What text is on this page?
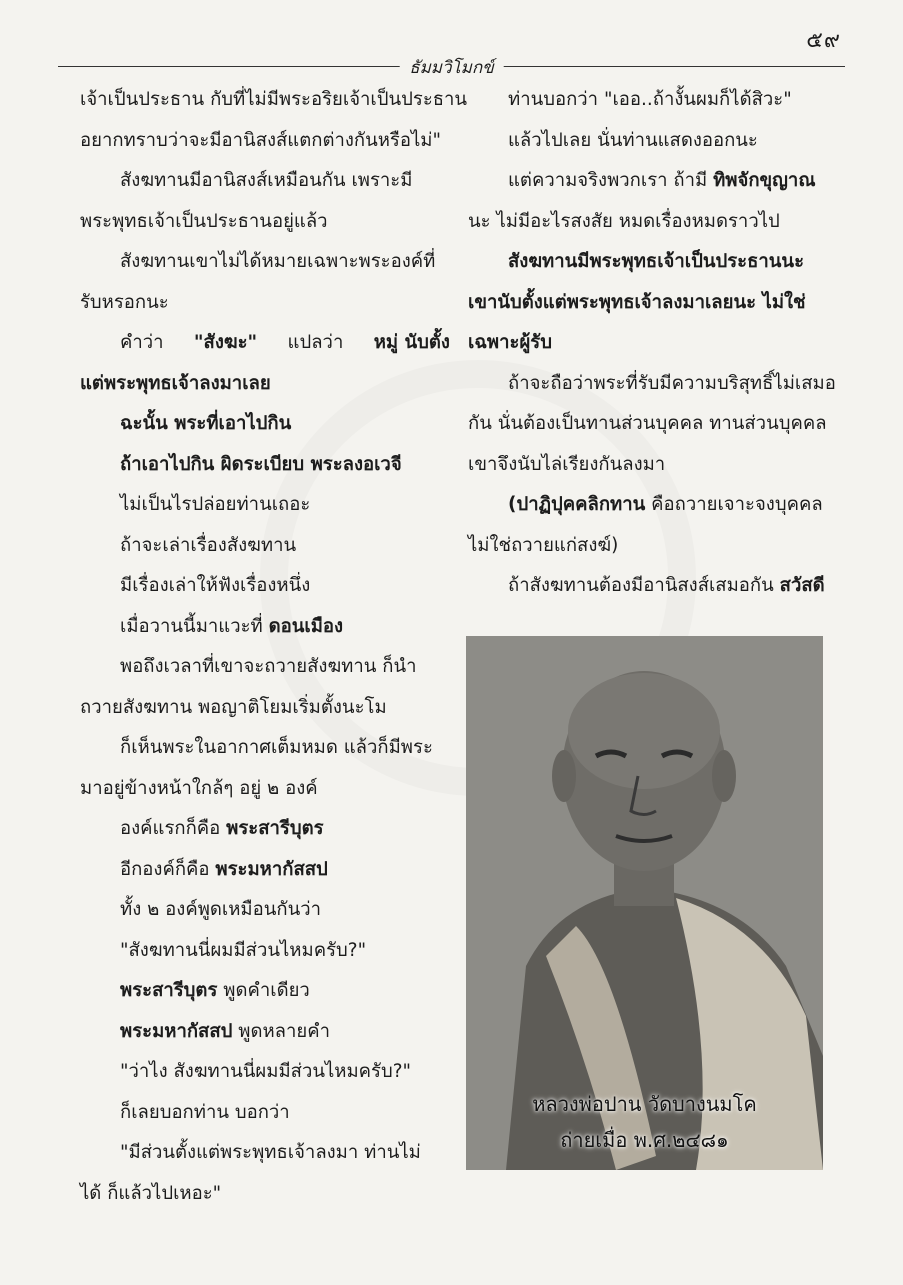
๕๙
ธัมมวิโมกข์
เจ้าเป็นประธาน กับที่ไม่มีพระอริยเจ้าเป็นประธาน
อยากทราบว่าจะมีอานิสงส์แตกต่างกันหรือไม่"
สังฆทานมีอานิสงส์เหมือนกัน เพราะมี
พระพุทธเจ้าเป็นประธานอยู่แล้ว
สังฆทานเขาไม่ได้หมายเฉพาะพระองค์ที่
รับหรอกนะ
คำว่า "สังฆะ" แปลว่า หมู่ นับตั้ง
แต่พระพุทธเจ้าลงมาเลย
ฉะนั้น พระที่เอาไปกิน
ถ้าเอาไปกิน ผิดระเบียบ พระลงอเวจี
ไม่เป็นไรปล่อยท่านเถอะ
ถ้าจะเล่าเรื่องสังฆทาน
มีเรื่องเล่าให้ฟังเรื่องหนึ่ง
เมื่อวานนี้มาแวะที่ ดอนเมือง
พอถึงเวลาที่เขาจะถวายสังฆทาน ก็นำ
ถวายสังฆทาน พอญาติโยมเริ่มตั้งนะโม
ก็เห็นพระในอากาศเต็มหมด แล้วก็มีพระ
มาอยู่ข้างหน้าใกล้ๆ อยู่ ๒ องค์
องค์แรกก็คือ พระสารีบุตร
อีกองค์ก็คือ พระมหากัสสป
ทั้ง ๒ องค์พูดเหมือนกันว่า
"สังฆทานนี่ผมมีส่วนไหมครับ?"
พระสารีบุตร พูดคำเดียว
พระมหากัสสป พูดหลายคำ
"ว่าไง สังฆทานนี่ผมมีส่วนไหมครับ?"
ก็เลยบอกท่าน บอกว่า
"มีส่วนตั้งแต่พระพุทธเจ้าลงมา ท่านไม่
ได้ ก็แล้วไปเหอะ"
ท่านบอกว่า "เออ..ถ้างั้นผมก็ได้สิวะ"
แล้วไปเลย นั่นท่านแสดงออกนะ
แต่ความจริงพวกเรา ถ้ามี ทิพจักขุญาณ
นะ ไม่มีอะไรสงสัย หมดเรื่องหมดราวไป
สังฆทานมีพระพุทธเจ้าเป็นประธานนะ
เขานับตั้งแต่พระพุทธเจ้าลงมาเลยนะ ไม่ใช่
เฉพาะผู้รับ
ถ้าจะถือว่าพระที่รับมีความบริสุทธิ์ไม่เสมอ
กัน นั่นต้องเป็นทานส่วนบุคคล ทานส่วนบุคคล
เขาจึงนับไล่เรียงกันลงมา
(ปาฏิปุคคลิกทาน คือถวายเจาะจงบุคคล
ไม่ใช่ถวายแก่สงฆ์)
ถ้าสังฆทานต้องมีอานิสงส์เสมอกัน สวัสดี
หลวงพ่อปาน วัดบางนมโค
ถ่ายเมื่อ พ.ศ.๒๔๘๑
